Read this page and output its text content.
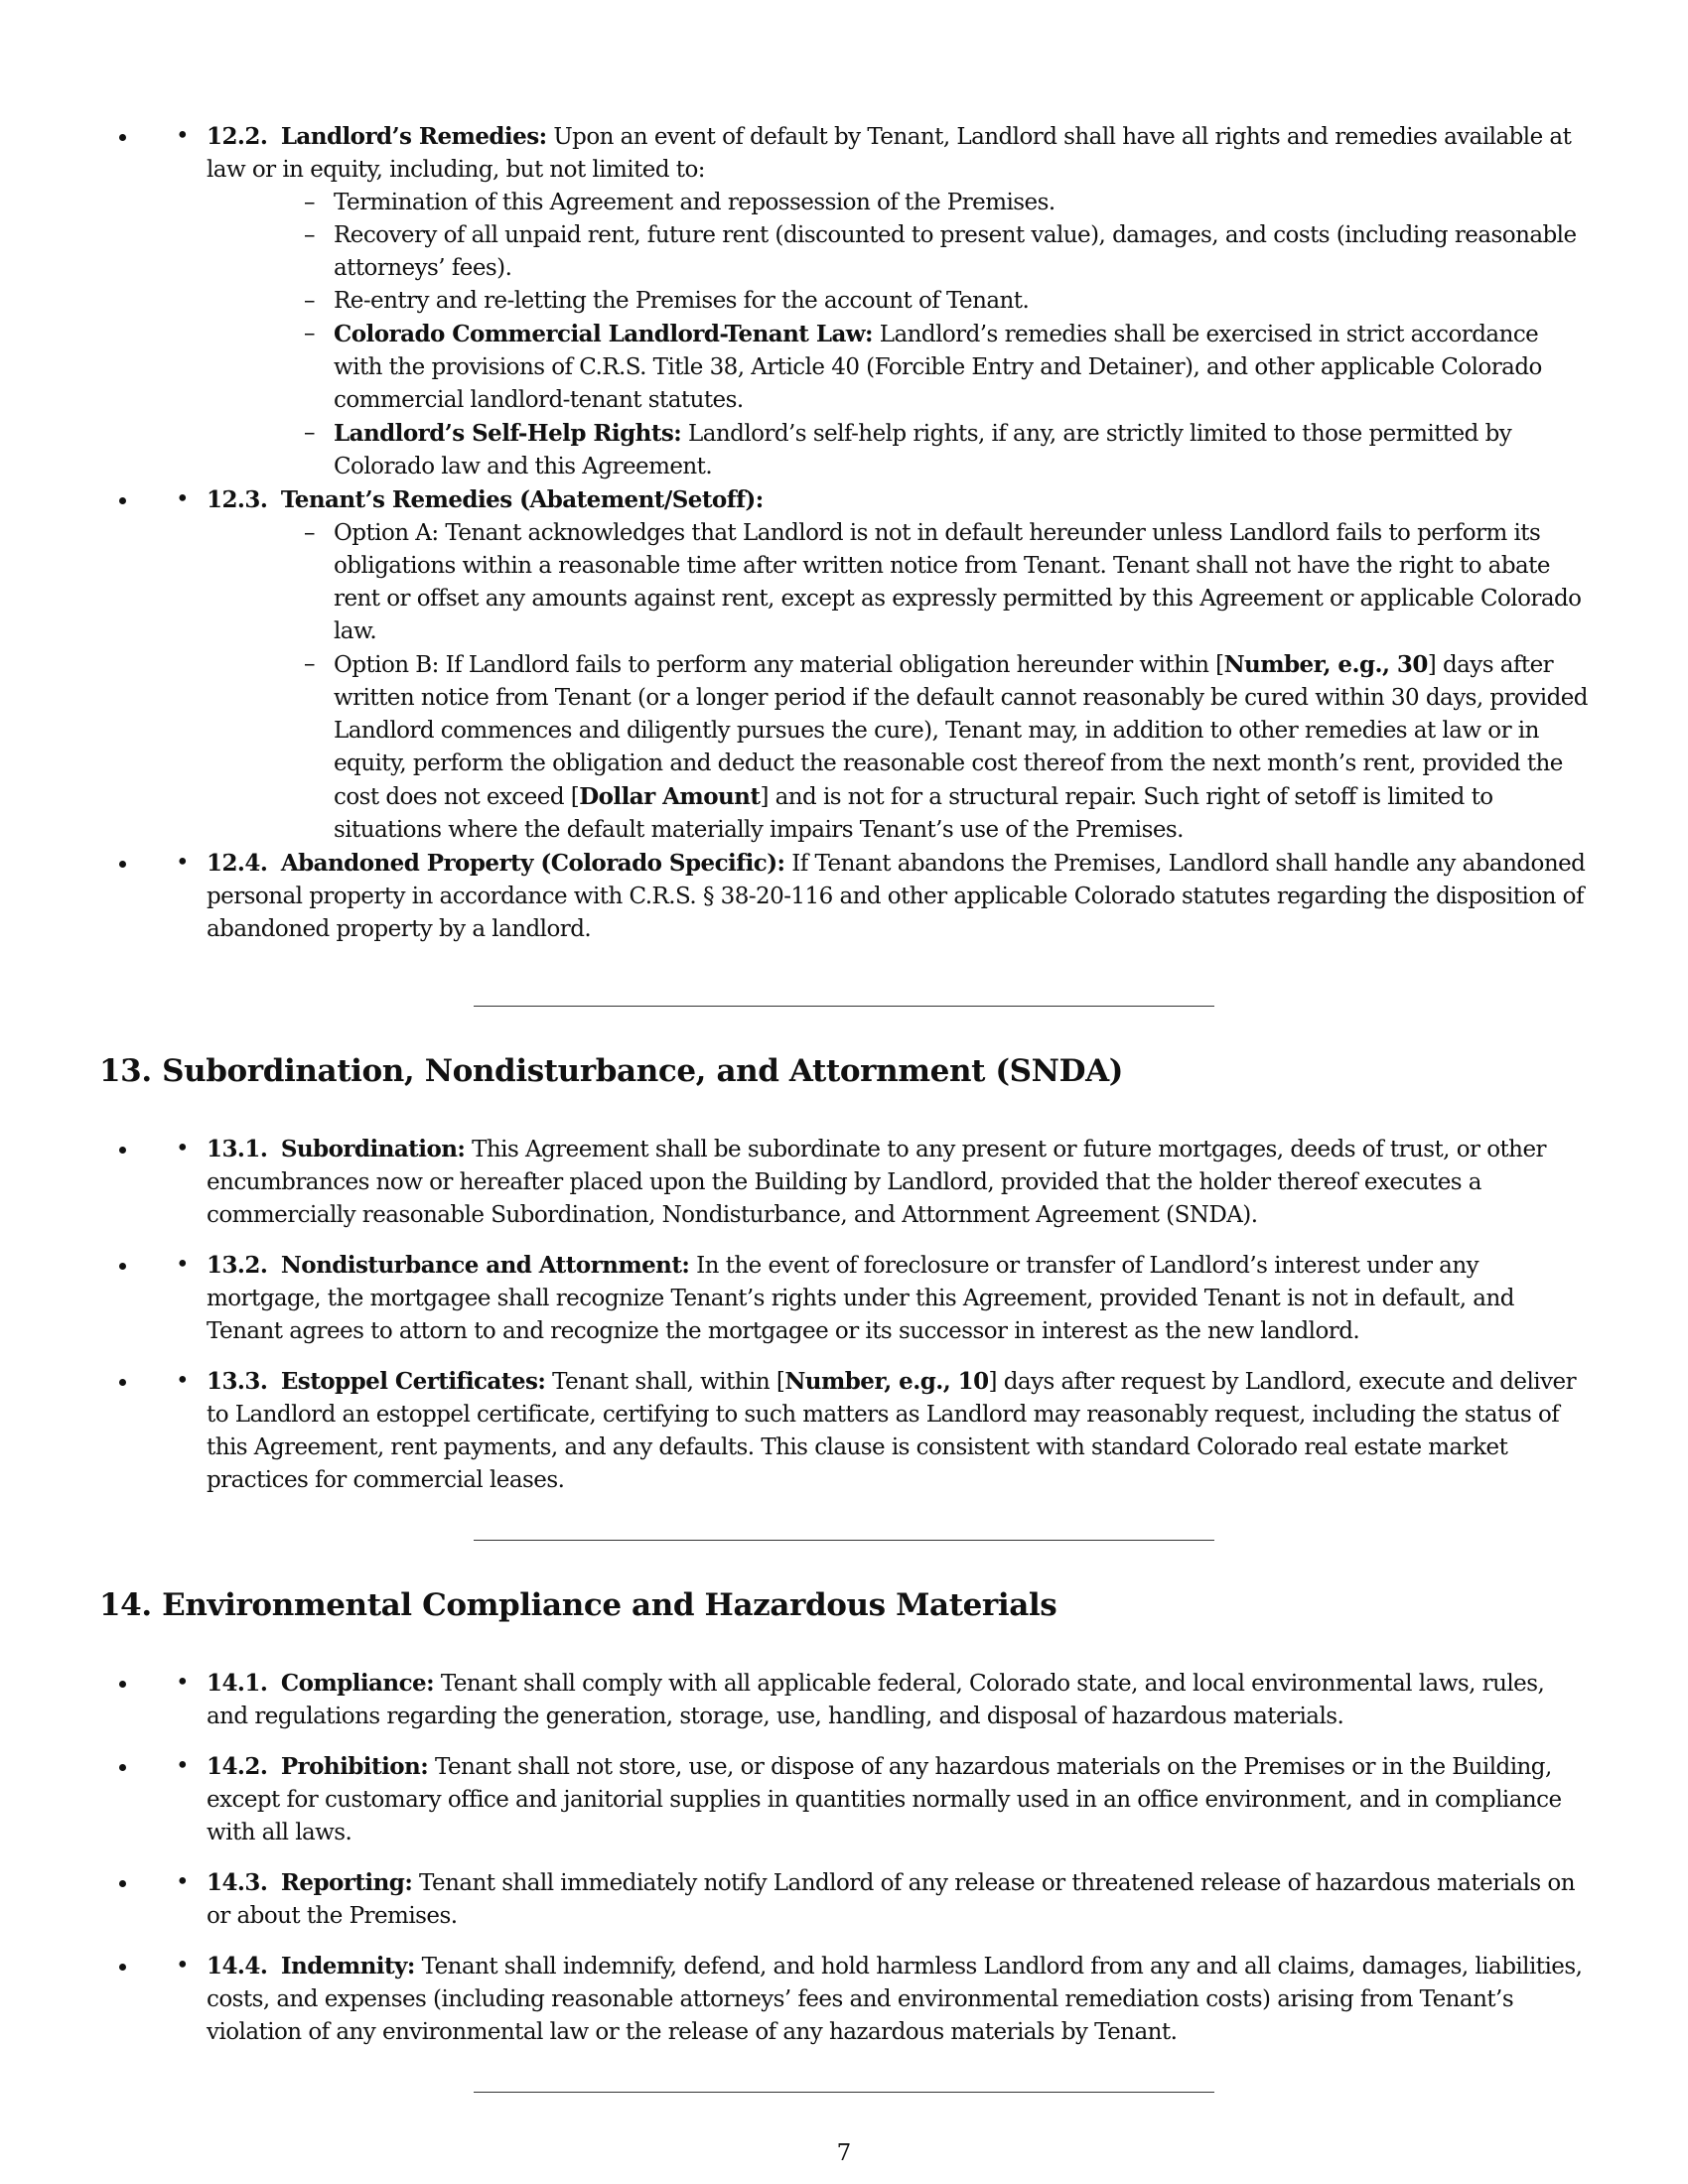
• • 12.2. Landlord’s Remedies: Upon an event of default by Tenant, Landlord shall have all rights and remedies available at law or in equity, including, but not limited to:
– Termination of this Agreement and repossession of the Premises.
– Recovery of all unpaid rent, future rent (discounted to present value), damages, and costs (including reasonable attorneys’ fees).
– Re-entry and re-letting the Premises for the account of Tenant.
– Colorado Commercial Landlord-Tenant Law: Landlord’s remedies shall be exercised in strict accordance with the provisions of C.R.S. Title 38, Article 40 (Forcible Entry and Detainer), and other applicable Colorado commercial landlord-tenant statutes.
– Landlord’s Self-Help Rights: Landlord’s self-help rights, if any, are strictly limited to those permitted by Colorado law and this Agreement.
• • 12.3. Tenant’s Remedies (Abatement/Setoff):
– Option A: Tenant acknowledges that Landlord is not in default hereunder unless Landlord fails to perform its obligations within a reasonable time after written notice from Tenant. Tenant shall not have the right to abate rent or offset any amounts against rent, except as expressly permitted by this Agreement or applicable Colorado law.
– Option B: If Landlord fails to perform any material obligation hereunder within [Number, e.g., 30] days after written notice from Tenant (or a longer period if the default cannot reasonably be cured within 30 days, provided Landlord commences and diligently pursues the cure), Tenant may, in addition to other remedies at law or in equity, perform the obligation and deduct the reasonable cost thereof from the next month’s rent, provided the cost does not exceed [Dollar Amount] and is not for a structural repair. Such right of setoff is limited to situations where the default materially impairs Tenant’s use of the Premises.
• • 12.4. Abandoned Property (Colorado Specific): If Tenant abandons the Premises, Landlord shall handle any abandoned personal property in accordance with C.R.S. § 38-20-116 and other applicable Colorado statutes regarding the disposition of abandoned property by a landlord.
13. Subordination, Nondisturbance, and Attornment (SNDA)
• • 13.1. Subordination: This Agreement shall be subordinate to any present or future mortgages, deeds of trust, or other encumbrances now or hereafter placed upon the Building by Landlord, provided that the holder thereof executes a commercially reasonable Subordination, Nondisturbance, and Attornment Agreement (SNDA).
• • 13.2. Nondisturbance and Attornment: In the event of foreclosure or transfer of Landlord’s interest under any mortgage, the mortgagee shall recognize Tenant’s rights under this Agreement, provided Tenant is not in default, and Tenant agrees to attorn to and recognize the mortgagee or its successor in interest as the new landlord.
• • 13.3. Estoppel Certificates: Tenant shall, within [Number, e.g., 10] days after request by Landlord, execute and deliver to Landlord an estoppel certificate, certifying to such matters as Landlord may reasonably request, including the status of this Agreement, rent payments, and any defaults. This clause is consistent with standard Colorado real estate market practices for commercial leases.
14. Environmental Compliance and Hazardous Materials
• • 14.1. Compliance: Tenant shall comply with all applicable federal, Colorado state, and local environmental laws, rules, and regulations regarding the generation, storage, use, handling, and disposal of hazardous materials.
• • 14.2. Prohibition: Tenant shall not store, use, or dispose of any hazardous materials on the Premises or in the Building, except for customary office and janitorial supplies in quantities normally used in an office environment, and in compliance with all laws.
• • 14.3. Reporting: Tenant shall immediately notify Landlord of any release or threatened release of hazardous materials on or about the Premises.
• • 14.4. Indemnity: Tenant shall indemnify, defend, and hold harmless Landlord from any and all claims, damages, liabilities, costs, and expenses (including reasonable attorneys’ fees and environmental remediation costs) arising from Tenant’s violation of any environmental law or the release of any hazardous materials by Tenant.
7
